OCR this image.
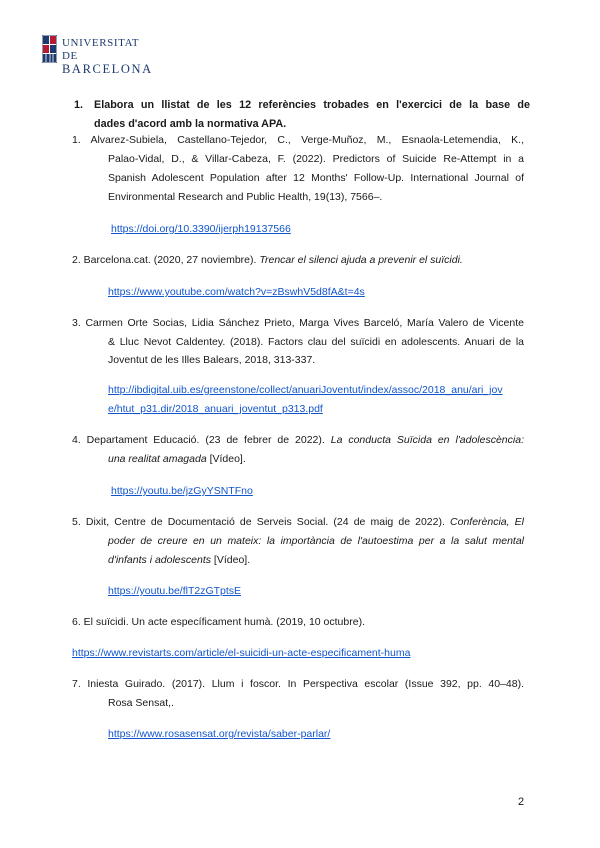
UNIVERSITAT DE
BARCELONA
1. Elabora un llistat de les 12 referències trobades en l'exercici de la base de
dades d'acord amb la normativa APA.
1. Alvarez-Subiela, Castellano-Tejedor, C., Verge-Muñoz, M., Esnaola-Letemendia, K.,
Palao-Vidal, D., & Villar-Cabeza, F. (2022). Predictors of Suicide Re-Attempt in a
Spanish Adolescent Population after 12 Months' Follow-Up. International Journal of
Environmental Research and Public Health, 19(13), 7566–.
https://doi.org/10.3390/ijerph19137566
2. Barcelona.cat. (2020, 27 noviembre). Trencar el silenci ajuda a prevenir el suïcidi.
https://www.youtube.com/watch?v=zBswhV5d8fA&t=4s
3. Carmen Orte Socias, Lidia Sánchez Prieto, Marga Vives Barceló, María Valero de Vicente
& Lluc Nevot Caldentey. (2018). Factors clau del suïcidi en adolescents. Anuari de la
Joventut de les Illes Balears, 2018, 313-337.
http://ibdigital.uib.es/greenstone/collect/anuariJoventut/index/assoc/2018_anu/ari_jov
e/htut_p31.dir/2018_anuari_joventut_p313.pdf
4. Departament Educació. (23 de febrer de 2022). La conducta Suïcida en l'adolescència:
una realitat amagada [Vídeo].
https://youtu.be/jzGyYSNTFno
5. Dixit, Centre de Documentació de Serveis Social. (24 de maig de 2022). Conferència, El
poder de creure en un mateix: la importància de l'autoestima per a la salut mental
d'infants i adolescents [Vídeo].
https://youtu.be/flT2zGTptsE
6. El suïcidi. Un acte específicament humà. (2019, 10 octubre).
https://www.revistarts.com/article/el-suicidi-un-acte-especificament-huma
7. Iniesta Guirado. (2017). Llum i foscor. In Perspectiva escolar (Issue 392, pp. 40–48).
Rosa Sensat,.
https://www.rosasensat.org/revista/saber-parlar/
2
